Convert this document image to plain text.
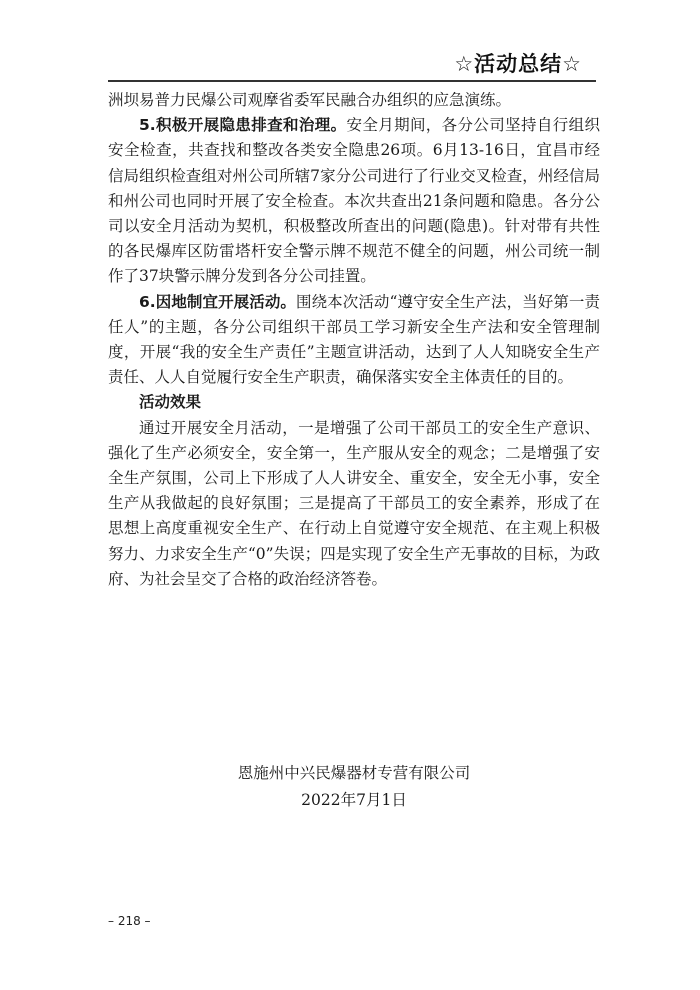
☆活动总结☆

洲坝易普力民爆公司观摩省委军民融合办组织的应急演练。

5.积极开展隐患排查和治理。安全月期间，各分公司坚持自行组织安全检查，共查找和整改各类安全隐患26项。6月13-16日，宜昌市经信局组织检查组对州公司所辖7家分公司进行了行业交叉检查，州经信局和州公司也同时开展了安全检查。本次共查出21条问题和隐患。各分公司以安全月活动为契机，积极整改所查出的问题(隐患)。针对带有共性的各民爆库区防雷塔杆安全警示牌不规范不健全的问题，州公司统一制作了37块警示牌分发到各分公司挂置。

6.因地制宜开展活动。围绕本次活动“遵守安全生产法，当好第一责任人”的主题，各分公司组织干部员工学习新安全生产法和安全管理制度，开展“我的安全生产责任”主题宣讲活动，达到了人人知晓安全生产责任、人人自觉履行安全生产职责，确保落实安全主体责任的目的。

活动效果

通过开展安全月活动，一是增强了公司干部员工的安全生产意识、强化了生产必须安全，安全第一，生产服从安全的观念；二是增强了安全生产氛围，公司上下形成了人人讲安全、重安全，安全无小事，安全生产从我做起的良好氛围；三是提高了干部员工的安全素养，形成了在思想上高度重视安全生产、在行动上自觉遵守安全规范、在主观上积极努力、力求安全生产“0”失误；四是实现了安全生产无事故的目标，为政府、为社会呈交了合格的政治经济答卷。

恩施州中兴民爆器材专营有限公司
2022年7月1日
– 218 –
